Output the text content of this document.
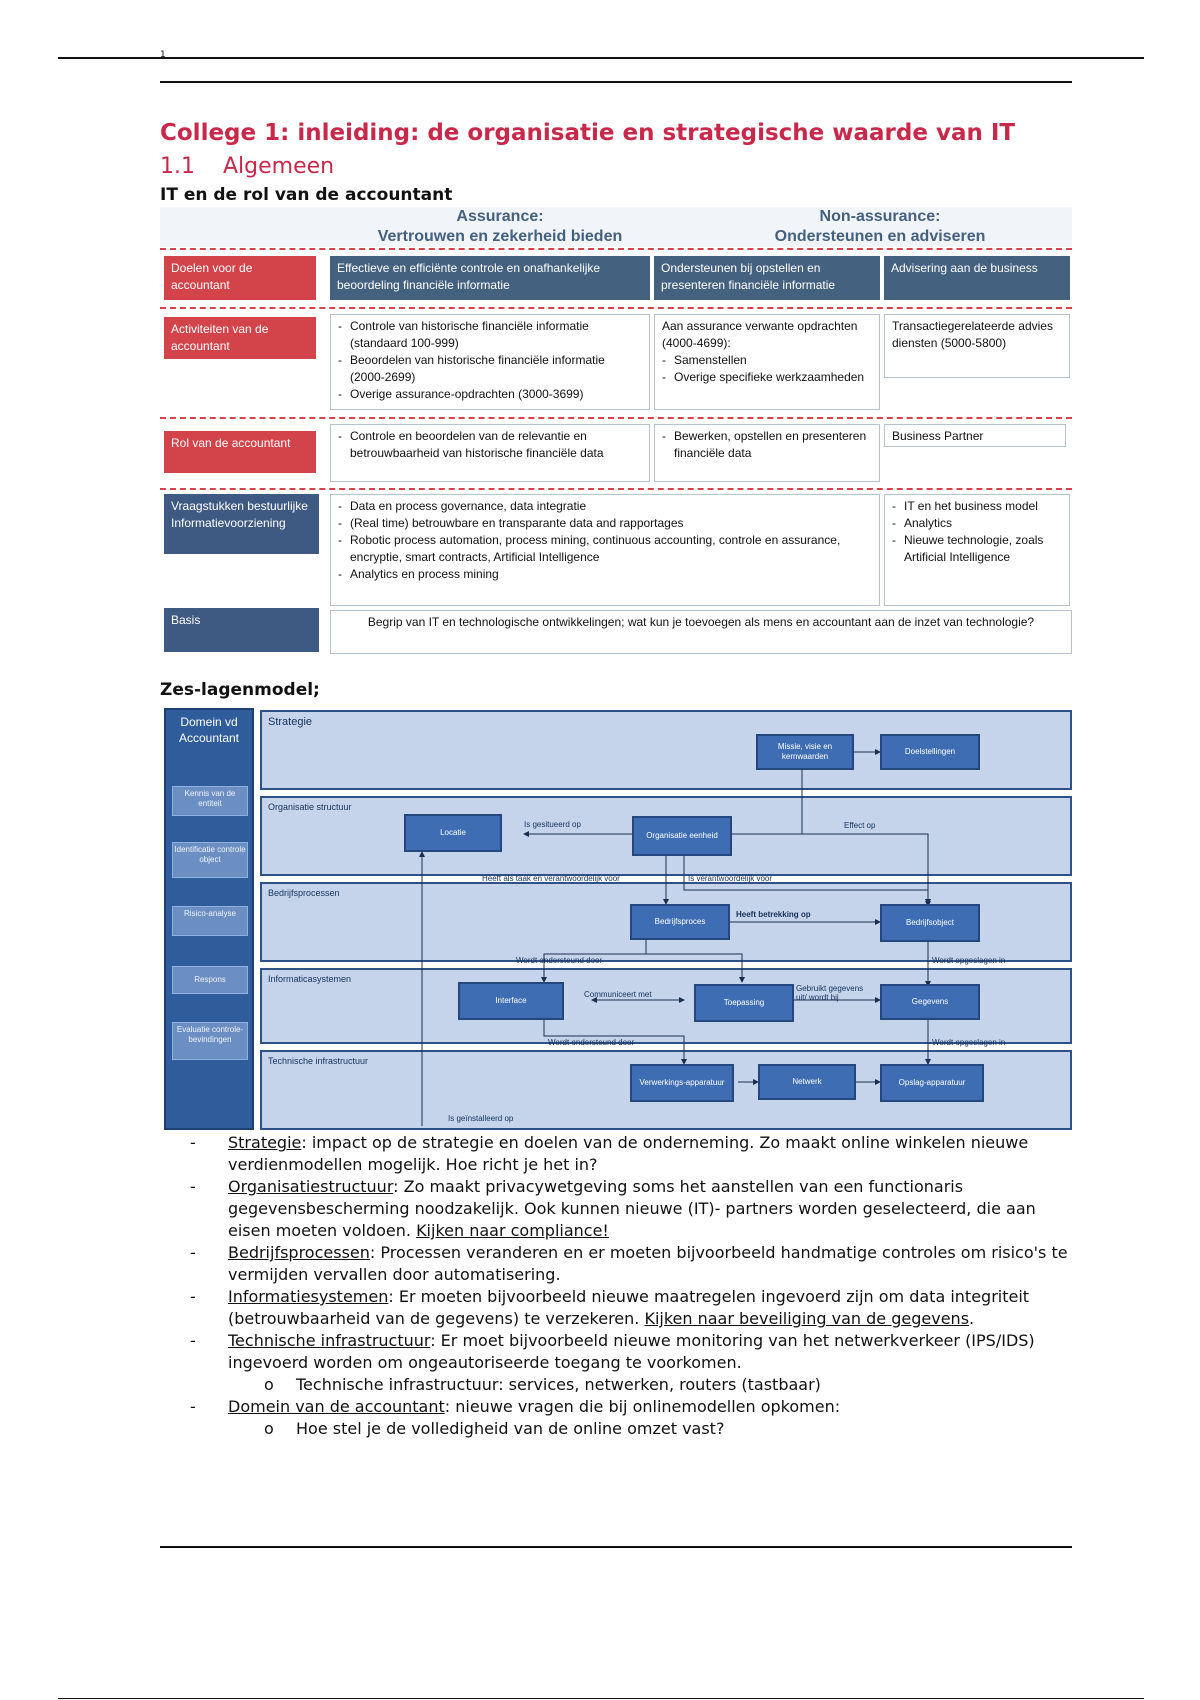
1
College 1: inleiding: de organisatie en strategische waarde van IT
1.1 Algemeen
IT en de rol van de accountant
Assurance:
Vertrouwen en zekerheid bieden
Non-assurance:
Ondersteunen en adviseren
Doelen voor de accountant
Effectieve en efficiënte controle en onafhankelijke beoordeling financiële informatie
Ondersteunen bij opstellen en presenteren financiële informatie
Advisering aan de business
Activiteiten van de accountant
- Controle van historische financiële informatie (standaard 100-999)
- Beoordelen van historische financiële informatie (2000-2699)
- Overige assurance-opdrachten (3000-3699)
Aan assurance verwante opdrachten (4000-4699):
- Samenstellen
- Overige specifieke werkzaamheden
Transactiegerelateerde advies diensten (5000-5800)
Rol van de accountant
-	Controle en beoordelen van de relevantie en betrouwbaarheid van historische financiële data
- Bewerken, opstellen en presenteren financiële data
Business Partner
Vraagstukken bestuurlijke Informatievoorziening
- Data en process governance, data integratie
- (Real time) betrouwbare en transparante data and rapportages
- Robotic process automation, process mining, continuous accounting, controle en assurance, encryptie, smart contracts, Artificial Intelligence
- Analytics en process mining
- IT en het business model
- Analytics
- Nieuwe technologie, zoals Artificial Intelligence
Basis	Begrip van IT en technologische ontwikkelingen; wat kun je toevoegen als mens en accountant aan de inzet van technologie?
Zes-lagenmodel;
Domein vd Accountant
Kennis van de entiteit
Identificatie controle object
Risico-analyse
Respons
Evaluatie controle-bevindingen
Strategie
Organisatie structuur
Bedrijfsprocessen
Informaticasystemen
Technische infrastructuur
Missie, visie en kernwaarden
Doelstellingen
Locatie	Organisatie eenheid
Bedrijfsproces	Bedrijfsobject
Interface	Toepassing	Gegevens
Verwerkings-apparatuur	Netwerk	Opslag-apparatuur
Is gesitueerd op	Effect op
Heeft als taak en verantwoordelijk voor	Is verantwoordelijk voor
Heeft betrekking op
Wordt ondersteund door	Wordt opgeslagen in
Communiceert met
Gebruikt gegevens uit/ wordt bij
Wordt ondersteund door	Wordt opgeslagen in
Is geïnstalleerd op
- Strategie: impact op de strategie en doelen van de onderneming. Zo maakt online winkelen nieuwe verdienmodellen mogelijk. Hoe richt je het in?
- Organisatiestructuur: Zo maakt privacywetgeving soms het aanstellen van een functionaris gegevensbescherming noodzakelijk. Ook kunnen nieuwe (IT)- partners worden geselecteerd, die aan eisen moeten voldoen. Kijken naar compliance!
- Bedrijfsprocessen: Processen veranderen en er moeten bijvoorbeeld handmatige controles om risico's te vermijden vervallen door automatisering.
- Informatiesystemen: Er moeten bijvoorbeeld nieuwe maatregelen ingevoerd zijn om data integriteit (betrouwbaarheid van de gegevens) te verzekeren. Kijken naar beveiliging van de gegevens.
- Technische infrastructuur: Er moet bijvoorbeeld nieuwe monitoring van het netwerkverkeer (IPS/IDS) ingevoerd worden om ongeautoriseerde toegang te voorkomen.
o Technische infrastructuur: services, netwerken, routers (tastbaar)
- Domein van de accountant: nieuwe vragen die bij onlinemodellen opkomen:
o Hoe stel je de volledigheid van de online omzet vast?
